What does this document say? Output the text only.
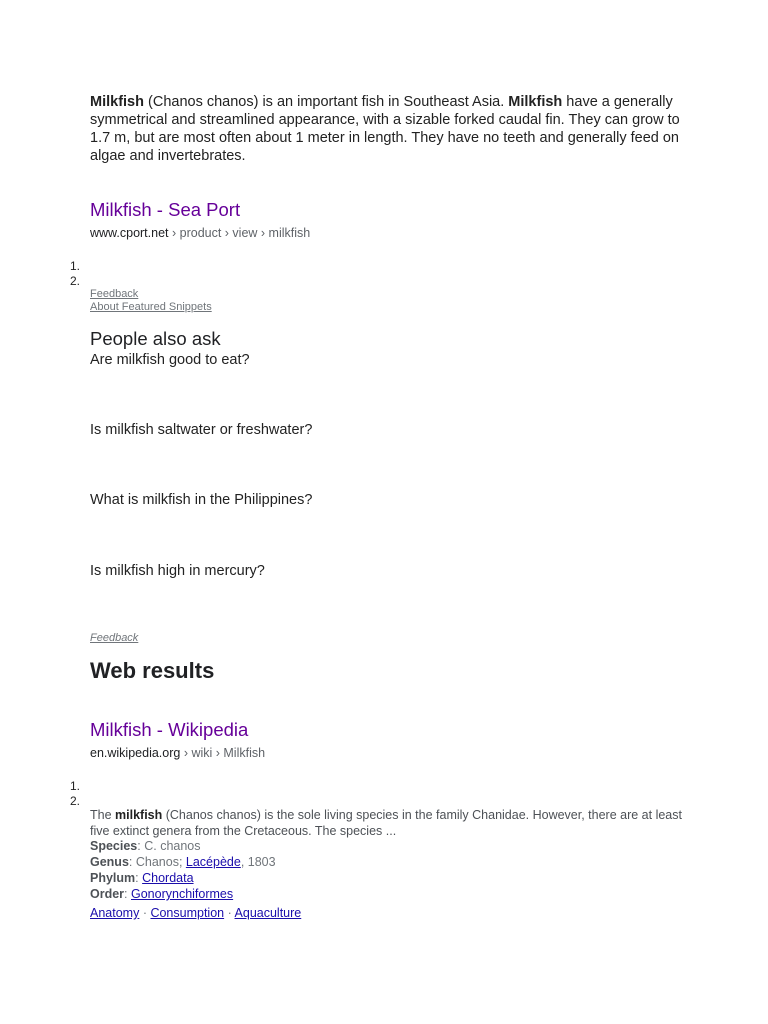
Milkfish (Chanos chanos) is an important fish in Southeast Asia. Milkfish have a generally symmetrical and streamlined appearance, with a sizable forked caudal fin. They can grow to 1.7 m, but are most often about 1 meter in length. They have no teeth and generally feed on algae and invertebrates.
Milkfish - Sea Port
www.cport.net › product › view › milkfish
1.
2.
Feedback
About Featured Snippets
People also ask
Are milkfish good to eat?
Is milkfish saltwater or freshwater?
What is milkfish in the Philippines?
Is milkfish high in mercury?
Feedback
Web results
Milkfish - Wikipedia
en.wikipedia.org › wiki › Milkfish
1.
2.
The milkfish (Chanos chanos) is the sole living species in the family Chanidae. However, there are at least five extinct genera from the Cretaceous. The species ...
Species: C. chanos
Genus: Chanos; Lacépède, 1803
Phylum: Chordata
Order: Gonorynchiformes
Anatomy · Consumption · Aquaculture
